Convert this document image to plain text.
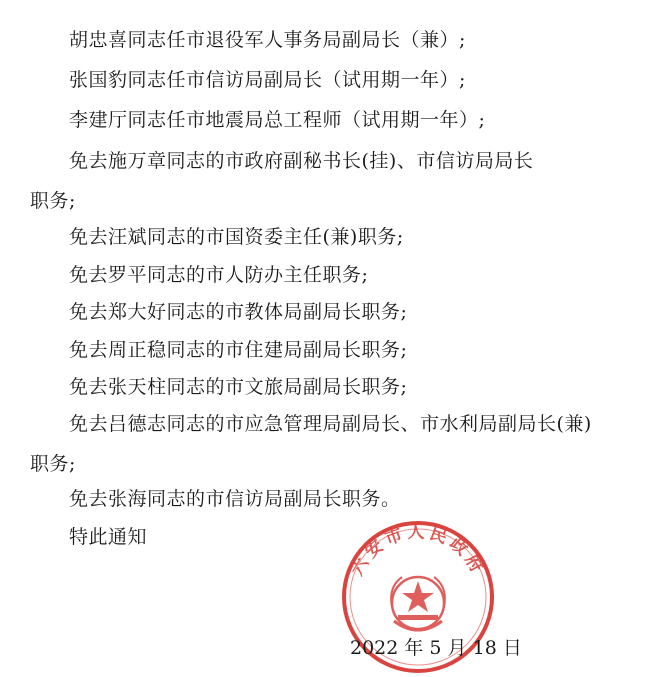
胡忠喜同志任市退役军人事务局副局长（兼）;
张国豹同志任市信访局副局长（试用期一年）;
李建厅同志任市地震局总工程师（试用期一年）;
免去施万章同志的市政府副秘书长(挂)、市信访局局长
职务;
免去汪斌同志的市国资委主任(兼)职务;
免去罗平同志的市人防办主任职务;
免去郑大好同志的市教体局副局长职务;
免去周正稳同志的市住建局副局长职务;
免去张天柱同志的市文旅局副局长职务;
免去吕德志同志的市应急管理局副局长、市水利局副局长(兼)
职务;
免去张海同志的市信访局副局长职务。
特此通知
六安市人民政府
2022 年 5 月 18 日
